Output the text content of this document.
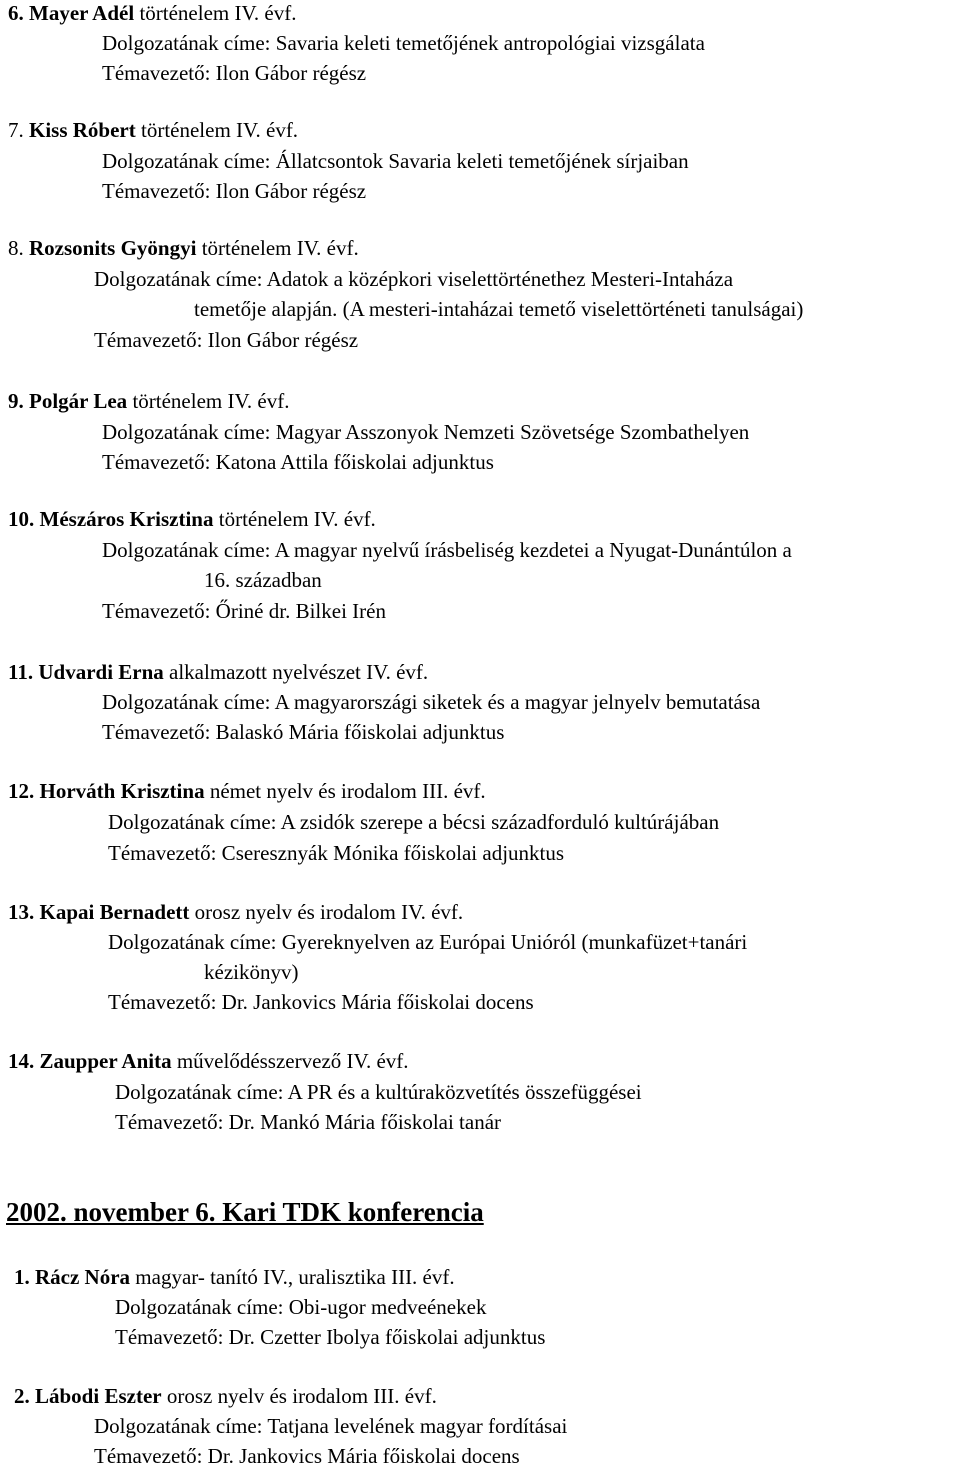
6. Mayer Adél történelem IV. évf.
Dolgozatának címe: Savaria keleti temetőjének antropológiai vizsgálata
Témavezető: Ilon Gábor régész
7. Kiss Róbert történelem IV. évf.
Dolgozatának címe: Állatcsontok Savaria keleti temetőjének sírjaiban
Témavezető: Ilon Gábor régész
8. Rozsonits Gyöngyi történelem IV. évf.
Dolgozatának címe: Adatok a középkori viselettörténethez Mesteri-Intaháza
temetője alapján. (A mesteri-intaházai temető viselettörténeti tanulságai)
Témavezető: Ilon Gábor régész
9. Polgár Lea történelem IV. évf.
Dolgozatának címe: Magyar Asszonyok Nemzeti Szövetsége Szombathelyen
Témavezető: Katona Attila főiskolai adjunktus
10. Mészáros Krisztina történelem IV. évf.
Dolgozatának címe: A magyar nyelvű írásbeliség kezdetei a Nyugat-Dunántúlon a
16. században
Témavezető: Őriné dr. Bilkei Irén
11. Udvardi Erna alkalmazott nyelvészet IV. évf.
Dolgozatának címe: A magyarországi siketek és a magyar jelnyelv bemutatása
Témavezető: Balaskó Mária főiskolai adjunktus
12. Horváth Krisztina német nyelv és irodalom III. évf.
Dolgozatának címe: A zsidók szerepe a bécsi századforduló kultúrájában
Témavezető: Cseresznyák Mónika főiskolai adjunktus
13. Kapai Bernadett orosz nyelv és irodalom IV. évf.
Dolgozatának címe: Gyereknyelven az Európai Unióról (munkafüzet+tanári
kézikönyv)
Témavezető: Dr. Jankovics Mária főiskolai docens
14. Zaupper Anita művelődésszervező IV. évf.
Dolgozatának címe: A PR és a kultúraközvetítés összefüggései
Témavezető: Dr. Mankó Mária főiskolai tanár
2002. november 6. Kari TDK konferencia
1. Rácz Nóra magyar- tanító IV., uralisztika III. évf.
Dolgozatának címe: Obi-ugor medveénekek
Témavezető: Dr. Czetter Ibolya főiskolai adjunktus
2. Lábodi Eszter orosz nyelv és irodalom III. évf.
Dolgozatának címe: Tatjana levelének magyar fordításai
Témavezető: Dr. Jankovics Mária főiskolai docens
